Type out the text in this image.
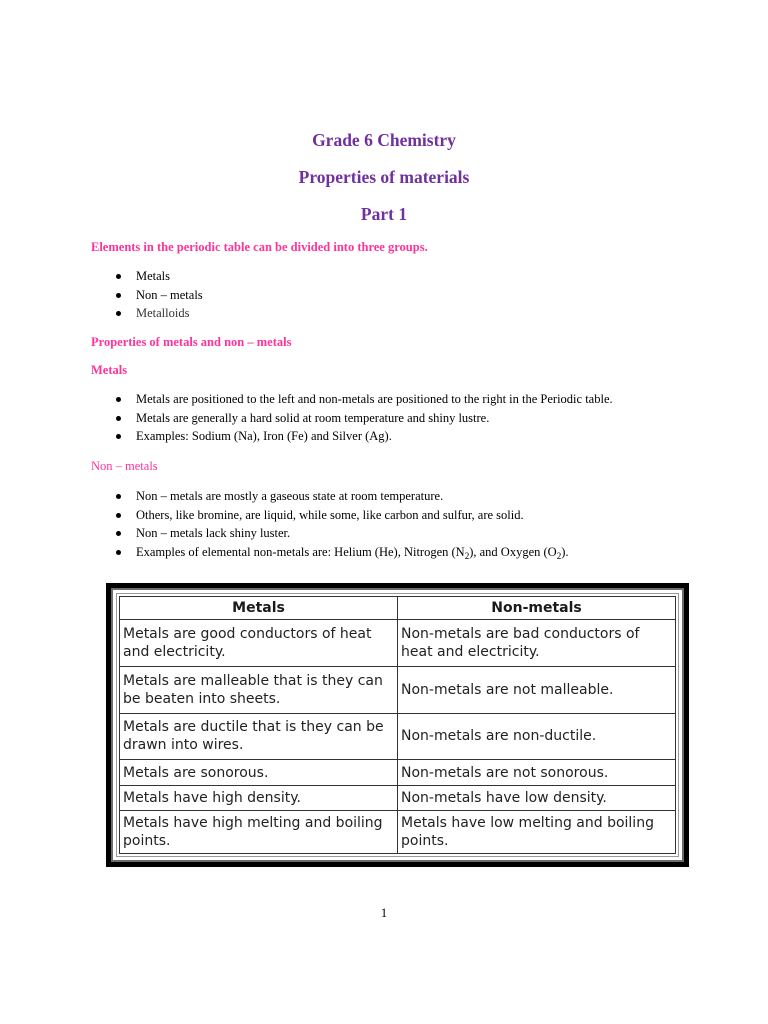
Grade 6 Chemistry
Properties of materials
Part 1
Elements in the periodic table can be divided into three groups.
Metals
Non – metals
Metalloids
Properties of metals and non – metals
Metals
Metals are positioned to the left and non-metals are positioned to the right in the Periodic table.
Metals are generally a hard solid at room temperature and shiny lustre.
Examples: Sodium (Na), Iron (Fe) and Silver (Ag).
Non – metals
Non – metals are mostly a gaseous state at room temperature.
Others, like bromine, are liquid, while some, like carbon and sulfur, are solid.
Non – metals lack shiny luster.
Examples of elemental non-metals are: Helium (He), Nitrogen $(N_2)$, and Oxygen $(O_2)$.
Metals	Non-metals
Metals are good conductors of heat and electricity.	Non-metals are bad conductors of heat and electricity.
Metals are malleable that is they can be beaten into sheets.	Non-metals are not malleable.
Metals are ductile that is they can be drawn into wires.	Non-metals are non-ductile.
Metals are sonorous.	Non-metals are not sonorous.
Metals have high density.	Non-metals have low density.
Metals have high melting and boiling points.	Metals have low melting and boiling points.
1
